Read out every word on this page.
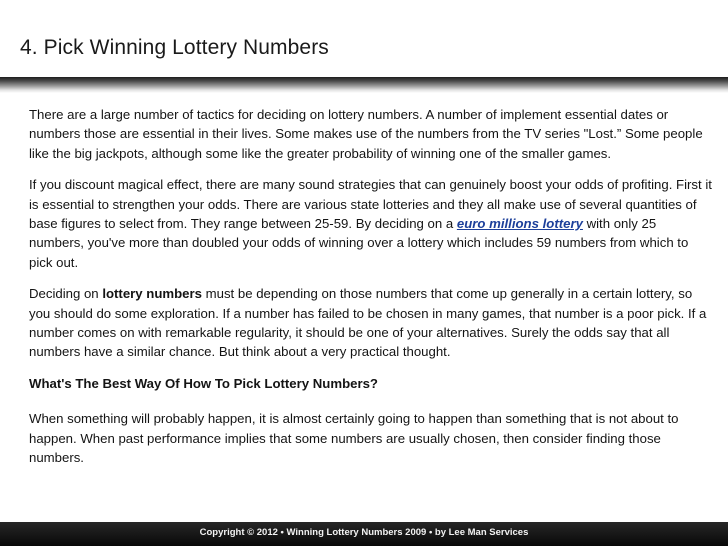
4. Pick Winning Lottery Numbers

There are a large number of tactics for deciding on lottery numbers. A number of implement essential dates or numbers those are essential in their lives. Some makes use of the numbers from the TV series "Lost.” Some people like the big jackpots, although some like the greater probability of winning one of the smaller games.

If you discount magical effect, there are many sound strategies that can genuinely boost your odds of profiting. First it is essential to strengthen your odds. There are various state lotteries and they all make use of several quantities of base figures to select from. They range between 25-59. By deciding on a euro millions lottery with only 25 numbers, you've more than doubled your odds of winning over a lottery which includes 59 numbers from which to pick out.

Deciding on lottery numbers must be depending on those numbers that come up generally in a certain lottery, so you should do some exploration. If a number has failed to be chosen in many games, that number is a poor pick. If a number comes on with remarkable regularity, it should be one of your alternatives. Surely the odds say that all numbers have a similar chance. But think about a very practical thought.

What's The Best Way Of How To Pick Lottery Numbers?

When something will probably happen, it is almost certainly going to happen than something that is not about to happen. When past performance implies that some numbers are usually chosen, then consider finding those numbers.

Copyright © 2012 • Winning Lottery Numbers 2009 • by Lee Man Services
